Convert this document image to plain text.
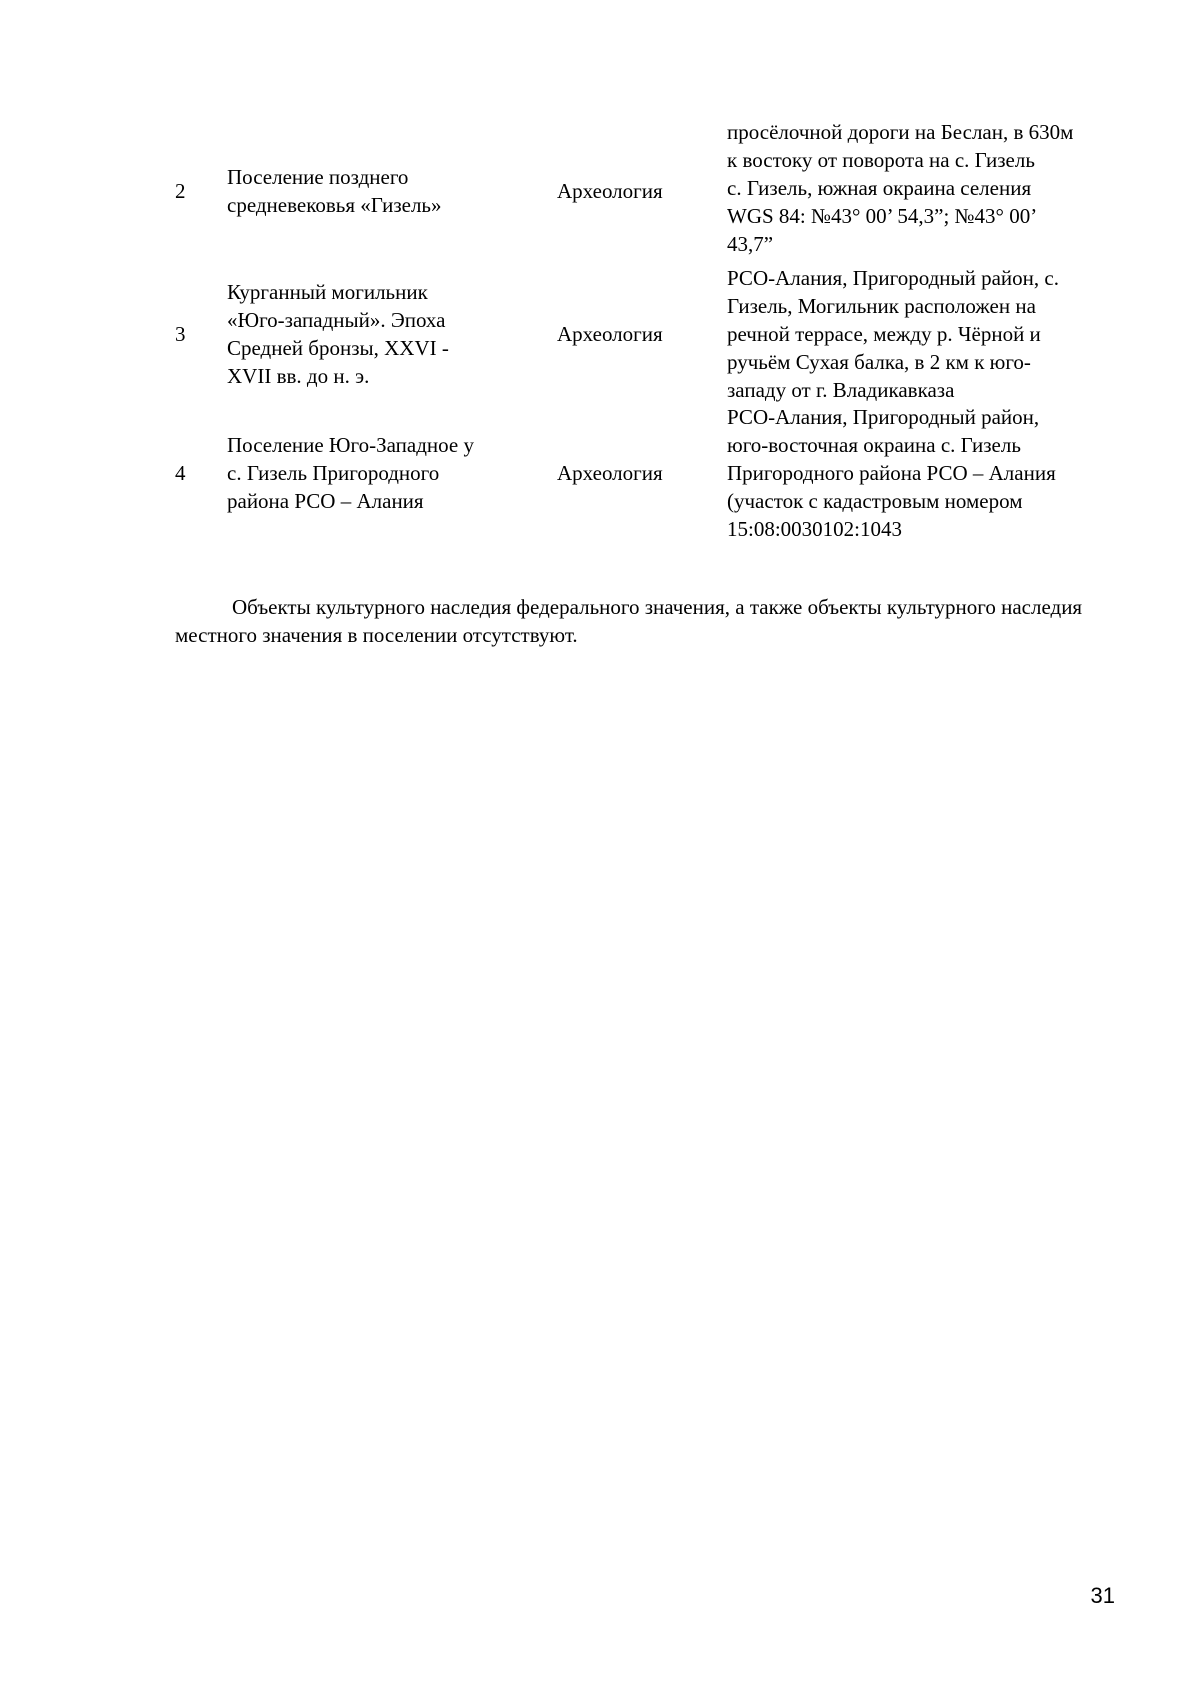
2
Поселение позднего
средневековья «Гизель»
Археология
просёлочной дороги на Беслан, в 630м
к востоку от поворота на с. Гизель
с. Гизель, южная окраина селения
WGS 84: №43° 00’ 54,3”; №43° 00’
43,7”
3
Курганный могильник
«Юго-западный». Эпоха
Средней бронзы, XXVI -
XVII вв. до н. э.
Археология
РСО-Алания, Пригородный район, с.
Гизель, Могильник расположен на
речной террасе, между р. Чёрной и
ручьём Сухая балка, в 2 км к юго-
западу от г. Владикавказа
4
Поселение Юго-Западное у
с. Гизель Пригородного
района РСО – Алания
Археология
РСО-Алания, Пригородный район,
юго-восточная окраина с. Гизель
Пригородного района РСО – Алания
(участок с кадастровым номером
15:08:0030102:1043

Объекты культурного наследия федерального значения, а также объекты культурного наследия местного значения в поселении отсутствуют.

31
